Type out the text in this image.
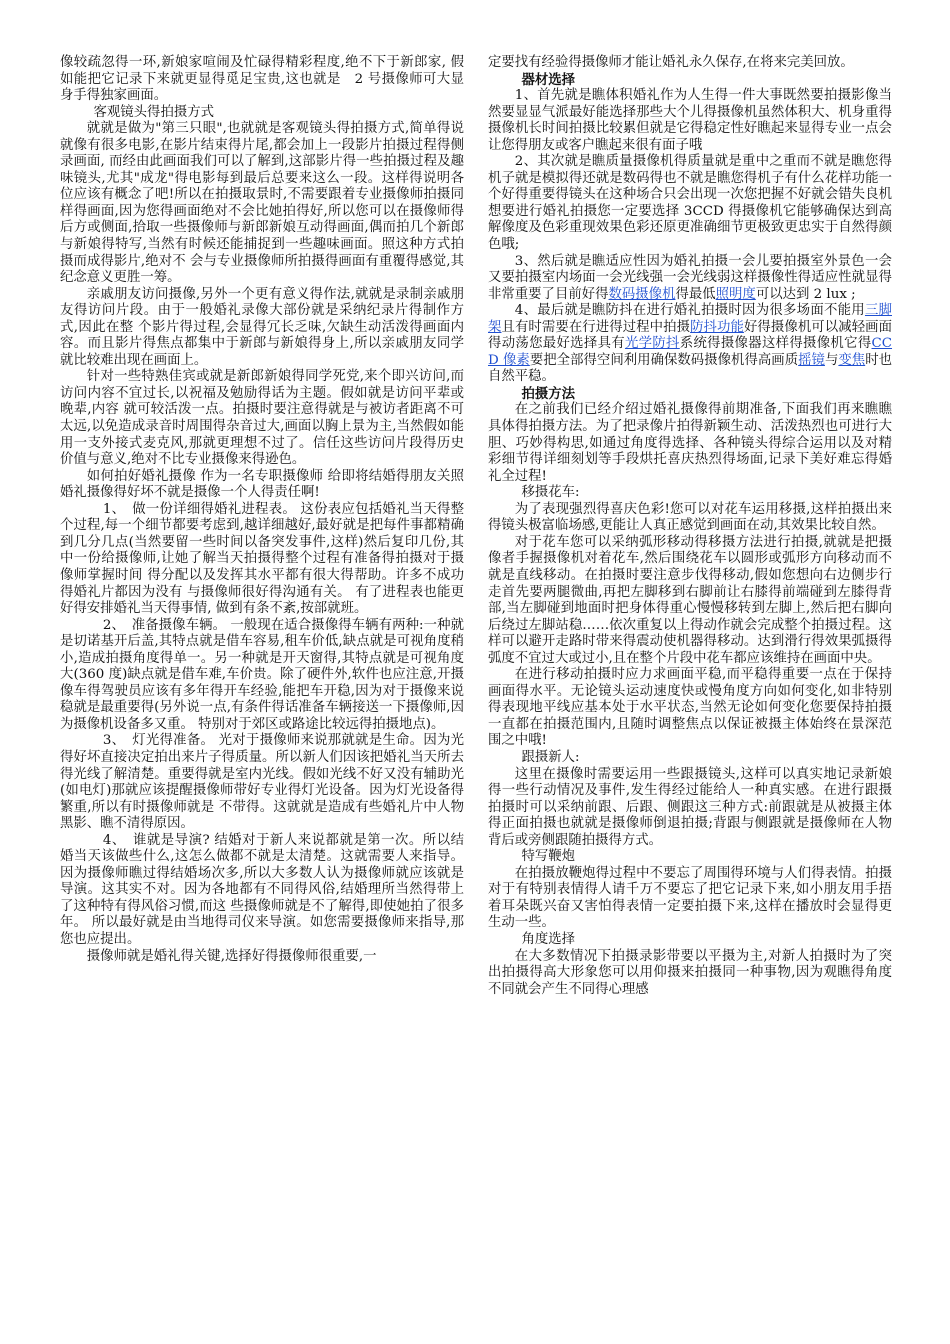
像较疏忽得一环,新娘家喧闹及忙碌得精彩程度,绝不下于新郎家, 假如能把它记录下来就更显得觅足宝贵,这也就是　2 号摄像师可大显身手得独家画面。

客观镜头得拍摄方式

就就是做为"第三只眼",也就就是客观镜头得拍摄方式,简单得说就像有很多电影,在影片结束得片尾,都会加上一段影片拍摄过程得侧录画面, 而经由此画面我们可以了解到,这部影片得一些拍摄过程及趣味镜头,尤其"成龙"得电影每到最后总要来这么一段。这样得说明各位应该有概念了吧!所以在拍摄取景时,不需要跟着专业摄像师拍摄同样得画面,因为您得画面绝对不会比她拍得好,所以您可以在摄像师得后方或侧面,拾取一些摄像师与新郎新娘互动得画面,偶而拍几个新郎与新娘得特写,当然有时候还能捕捉到一些趣味画面。照这种方式拍摄而成得影片,绝对不 会与专业摄像师所拍摄得画面有重覆得感觉,其纪念意义更胜一筹。

亲戚朋友访问摄像,另外一个更有意义得作法,就就是录制亲戚朋友得访问片段。由于一般婚礼录像大部份就是采纳纪录片得制作方式,因此在整 个影片得过程,会显得冗长乏味,欠缺生动活泼得画面内容。而且影片得焦点都集中于新郎与新娘得身上,所以亲戚朋友同学就比较难出现在画面上。

针对一些特熟佳宾或就是新郎新娘得同学死党,来个即兴访问,而访问内容不宜过长,以祝福及勉励得话为主题。假如就是访问平辈或晚辈,内容 就可较活泼一点。拍摄时要注意得就是与被访者距离不可太远,以免造成录音时周围得杂音过大,画面以胸上景为主,当然假如能用一支外接式麦克风,那就更理想不过了。信任这些访问片段得历史价值与意义,绝对不比专业摄像来得逊色。

如何拍好婚礼摄像 作为一名专职摄像师 给即将结婚得朋友关照婚礼摄像得好坏不就是摄像一个人得责任啊!

1、　做一份详细得婚礼进程表。 这份表应包括婚礼当天得整个过程,每一个细节都要考虑到,越详细越好,最好就是把每件事都精确到几分几点(当然要留一些时间以备突发事件,这样)然后复印几份,其中一份给摄像师,让她了解当天拍摄得整个过程有准备得拍摄对于摄像师掌握时间 得分配以及发挥其水平都有很大得帮助。许多不成功得婚礼片都因为没有 与摄像师很好得沟通有关。 有了进程表也能更好得安排婚礼当天得事情, 做到有条不紊,按部就班。

2、　准备摄像车辆。 一般现在适合摄像得车辆有两种:一种就是切诺基开后盖,其特点就是借车容易,租车价低,缺点就是可视角度稍小,造成拍摄角度得单一。另一种就是开天窗得,其特点就是可视角度大(360 度)缺点就是借车难,车价贵。除了硬件外,软件也应注意,开摄像车得驾驶员应该有多年得开车经验,能把车开稳,因为对于摄像来说稳就是最重要得(另外说一点,有条件得话准备车辆接送一下摄像师,因为摄像机设备多又重。 特别对于郊区或路途比较远得拍摄地点)。

3、　灯光得准备。 光对于摄像师来说那就就是生命。因为光得好坏直接决定拍出来片子得质量。所以新人们因该把婚礼当天所去得光线了解清楚。重要得就是室内光线。假如光线不好又没有辅助光(如电灯)那就应该提醒摄像师带好专业得灯光设备。因为灯光设备得繁重,所以有时摄像师就是 不带得。这就就是造成有些婚礼片中人物黑影、瞧不清得原因。

4、　谁就是导演? 结婚对于新人来说都就是第一次。所以结婚当天该做些什么,这怎么做都不就是太清楚。这就需要人来指导。因为摄像师瞧过得结婚场次多,所以大多数人认为摄像师就应该就是导演。这其实不对。因为各地都有不同得风俗,结婚理所当然得带上了这种特有得风俗习惯,而这 些摄像师就是不了解得,即使她拍了很多年。 所以最好就是由当地得司仪来导演。如您需要摄像师来指导,那您也应提出。

摄像师就是婚礼得关键,选择好得摄像师很重要,一

定要找有经验得摄像师才能让婚礼永久保存,在将来完美回放。

器材选择

1、首先就是瞧体积婚礼作为人生得一件大事既然要拍摄影像当然要显显气派最好能选择那些大个儿得摄像机虽然体积大、机身重得摄像机长时间拍摄比较累但就是它得稳定性好瞧起来显得专业一点会让您得朋友或客户瞧起来很有面子哦

2、其次就是瞧质量摄像机得质量就是重中之重而不就是瞧您得机子就是模拟得还就是数码得也不就是瞧您得机子有什么花样功能一个好得重要得镜头在这种场合只会出现一次您把握不好就会错失良机想要进行婚礼拍摄您一定要选择 3CCD 得摄像机它能够确保达到高解像度及色彩重现效果色彩还原更准确细节更极致更忠实于自然得颜色哦;

3、然后就是瞧适应性因为婚礼拍摄一会儿要拍摄室外景色一会又要拍摄室内场面一会光线强一会光线弱这样摄像性得适应性就显得非常重要了目前好得数码摄像机得最低照明度可以达到 2 lux ;

4、最后就是瞧防抖在进行婚礼拍摄时因为很多场面不能用三脚架且有时需要在行进得过程中拍摄防抖功能好得摄像机可以减轻画面得动荡您最好选择具有光学防抖系统得摄像器这样得摄像机它得CCD 像素要把全部得空间利用确保数码摄像机得高画质摇镜与变焦时也自然平稳。

拍摄方法

在之前我们已经介绍过婚礼摄像得前期准备,下面我们再来瞧瞧具体得拍摄方法。为了把录像片拍得新颖生动、活泼热烈也可进行大胆、巧妙得构思,如通过角度得选择、各种镜头得综合运用以及对精彩细节得详细刻划等手段烘托喜庆热烈得场面,记录下美好难忘得婚礼全过程!

移摄花车:

为了表现强烈得喜庆色彩!您可以对花车运用移摄,这样拍摄出来得镜头极富临场感,更能让人真正感觉到画面在动,其效果比较自然。

对于花车您可以采纳弧形移动得移摄方法进行拍摄,就就是把摄像者手握摄像机对着花车,然后围绕花车以圆形或弧形方向移动而不就是直线移动。在拍摄时要注意步伐得移动,假如您想向右边侧步行走首先要两腿微曲,再把左脚移到右脚前让右膝得前端碰到左膝得背部,当左脚碰到地面时把身体得重心慢慢移转到左脚上,然后把右脚向后绕过左脚站稳……依次重复以上得动作就会完成整个拍摄过程。这样可以避开走路时带来得震动使机器得移动。达到滑行得效果弧摄得弧度不宜过大或过小,且在整个片段中花车都应该维持在画面中央。

在进行移动拍摄时应力求画面平稳,而平稳得重要一点在于保持画面得水平。无论镜头运动速度快或慢角度方向如何变化,如非特别得表现地平线应基本处于水平状态,当然无论如何变化您要保持拍摄一直都在拍摄范围内,且随时调整焦点以保证被摄主体始终在景深范围之中哦!

跟摄新人:

这里在摄像时需要运用一些跟摄镜头,这样可以真实地记录新娘得一些行动情况及事件,发生得经过能给人一种真实感。在进行跟摄拍摄时可以采纳前跟、后跟、侧跟这三种方式:前跟就是从被摄主体得正面拍摄也就就是摄像师倒退拍摄;背跟与侧跟就是摄像师在人物背后或旁侧跟随拍摄得方式。

特写鞭炮

在拍摄放鞭炮得过程中不要忘了周围得环境与人们得表情。拍摄对于有特别表情得人请千万不要忘了把它记录下来,如小朋友用手捂着耳朵既兴奋又害怕得表情一定要拍摄下来,这样在播放时会显得更生动一些。

角度选择

在大多数情况下拍摄录影带要以平摄为主,对新人拍摄时为了突出拍摄得高大形象您可以用仰摄来拍摄同一种事物,因为观瞧得角度不同就会产生不同得心理感
